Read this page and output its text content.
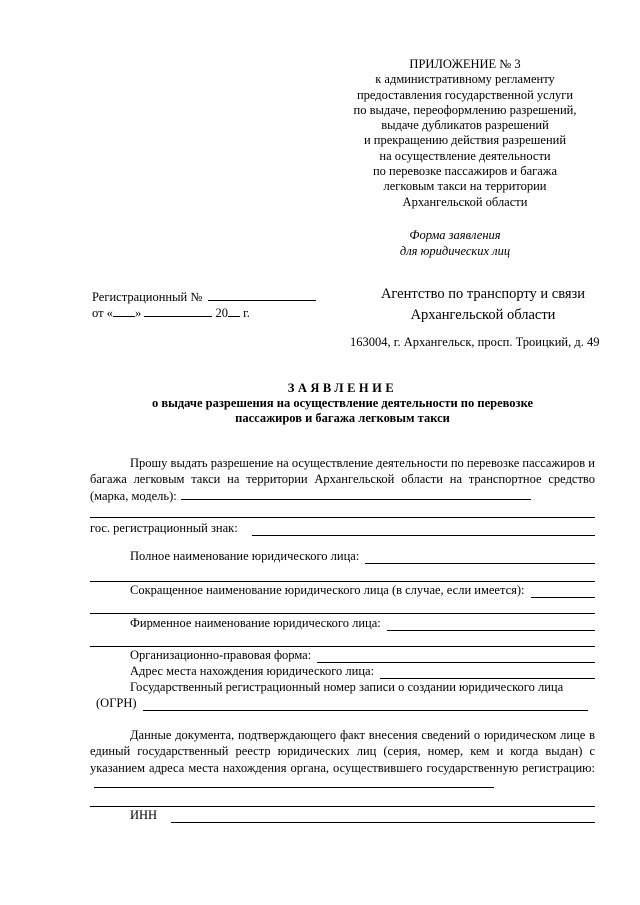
ПРИЛОЖЕНИЕ № 3
к административному регламенту
предоставления государственной услуги
по выдаче, переоформлению разрешений,
выдаче дубликатов разрешений
и прекращению действия разрешений
на осуществление деятельности
по перевозке пассажиров и багажа
легковым такси на территории
Архангельской области
Форма заявления
для юридических лиц
Регистрационный №
от « »	20 г.
Агентство по транспорту и связи
Архангельской области
163004, г. Архангельск, просп. Троицкий, д. 49
ЗАЯВЛЕНИЕ
о выдаче разрешения на осуществление деятельности по перевозке
пассажиров и багажа легковым такси
Прошу выдать разрешение на осуществление деятельности по перевозке пассажиров и багажа легковым такси на территории Архангельской области на транспортное средство (марка, модель):
гос. регистрационный знак:
Полное наименование юридического лица:
Сокращенное наименование юридического лица (в случае, если имеется):
Фирменное наименование юридического лица:
Организационно-правовая форма:
Адрес места нахождения юридического лица:
Государственный регистрационный номер записи о создании юридического лица
(ОГРН)
Данные документа, подтверждающего факт внесения сведений о юридическом лице в единый государственный реестр юридических лиц (серия, номер, кем и когда выдан) с указанием адреса места нахождения органа, осуществившего государственную регистрацию:
ИНН
